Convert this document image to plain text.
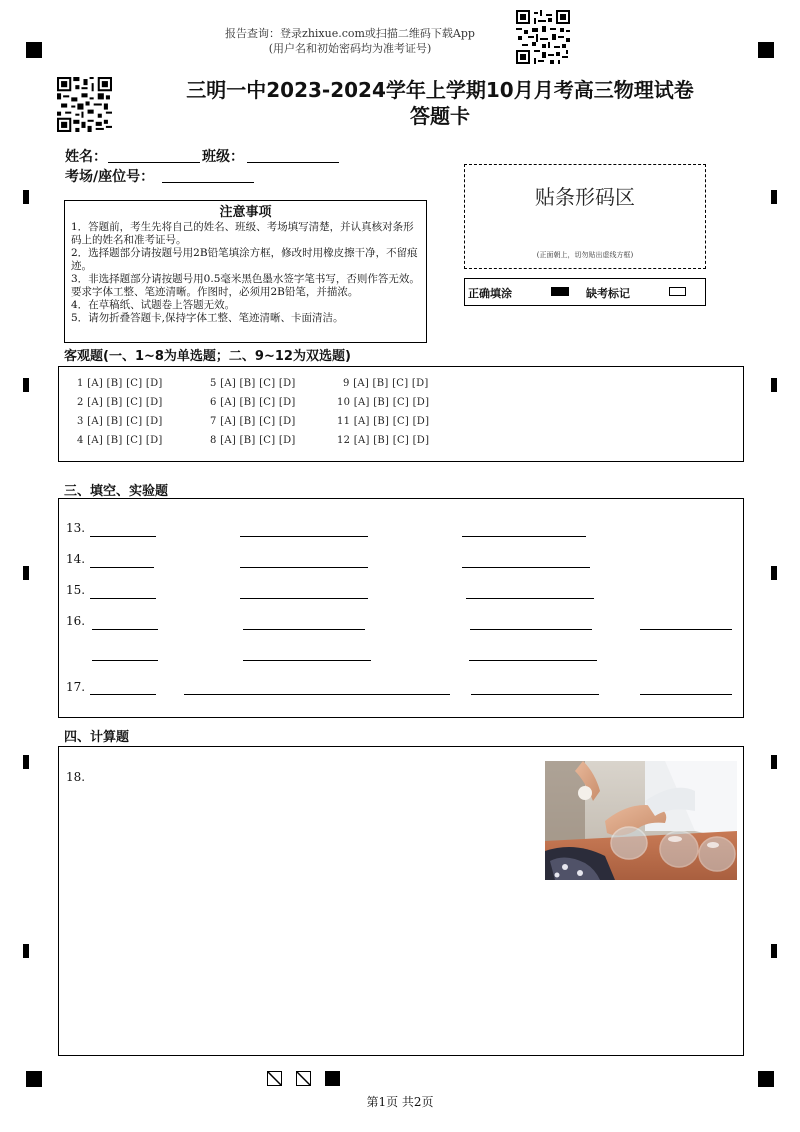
报告查询：登录zhixue.com或扫描二维码下载App
(用户名和初始密码均为准考证号)
三明一中2023-2024学年上学期10月月考高三物理试卷
答题卡
姓名：	班级：
考场/座位号：
注意事项

1．答题前，考生先将自己的姓名、班级、考场填写清楚，并认真核对条形码上的姓名和准考证号。

2．选择题部分请按题号用2B铅笔填涂方框，修改时用橡皮擦干净，不留痕迹。

3．非选择题部分请按题号用0.5毫米黑色墨水签字笔书写，否则作答无效。要求字体工整、笔迹清晰。作图时，必须用2B铅笔，并描浓。

4．在草稿纸、试题卷上答题无效。

5．请勿折叠答题卡,保持字体工整、笔迹清晰、卡面清洁。

贴条形码区
(正面朝上，切勿贴出虚线方框)
正确填涂	缺考标记
客观题(一、1~8为单选题；二、9~12为双选题)
1 [A] [B] [C] [D]	5 [A] [B] [C] [D]	9 [A] [B] [C] [D]
2 [A] [B] [C] [D]	6 [A] [B] [C] [D]	10 [A] [B] [C] [D]
3 [A] [B] [C] [D]	7 [A] [B] [C] [D]	11 [A] [B] [C] [D]
4 [A] [B] [C] [D]	8 [A] [B] [C] [D]	12 [A] [B] [C] [D]
三、填空、实验题
13.
14.
15.
16.
17.
四、计算题
18.
第1页 共2页
